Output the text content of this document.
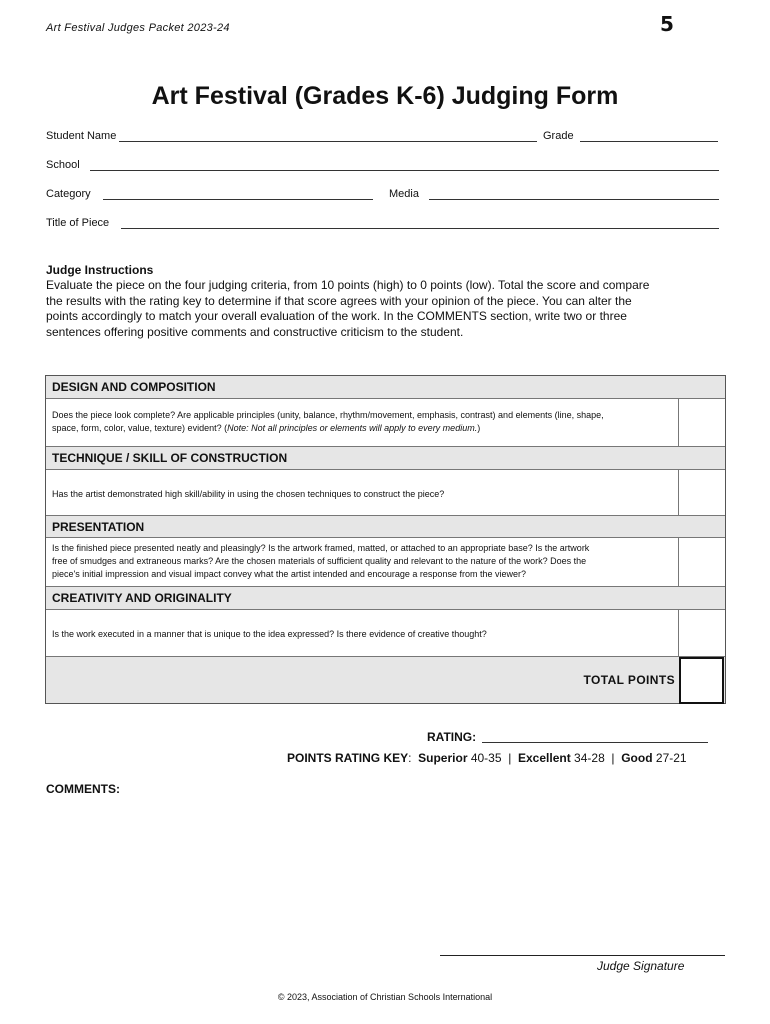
Art Festival Judges Packet 2023-24	5
Art Festival (Grades K-6) Judging Form
Student Name	Grade
School
Category	Media
Title of Piece
Judge Instructions
Evaluate the piece on the four judging criteria, from 10 points (high) to 0 points (low). Total the score and compare
the results with the rating key to determine if that score agrees with your opinion of the piece. You can alter the
points accordingly to match your overall evaluation of the work. In the COMMENTS section, write two or three
sentences offering positive comments and constructive criticism to the student.
DESIGN AND COMPOSITION
Does the piece look complete? Are applicable principles (unity, balance, rhythm/movement, emphasis, contrast) and elements (line, shape,
space, form, color, value, texture) evident? (Note: Not all principles or elements will apply to every medium.)
TECHNIQUE / SKILL OF CONSTRUCTION
Has the artist demonstrated high skill/ability in using the chosen techniques to construct the piece?
PRESENTATION
Is the finished piece presented neatly and pleasingly? Is the artwork framed, matted, or attached to an appropriate base? Is the artwork
free of smudges and extraneous marks? Are the chosen materials of sufficient quality and relevant to the nature of the work? Does the
piece's initial impression and visual impact convey what the artist intended and encourage a response from the viewer?
CREATIVITY AND ORIGINALITY
Is the work executed in a manner that is unique to the idea expressed? Is there evidence of creative thought?
TOTAL POINTS
RATING:
POINTS RATING KEY: Superior 40-35 | Excellent 34-28 | Good 27-21
COMMENTS:
Judge Signature
© 2023, Association of Christian Schools International
